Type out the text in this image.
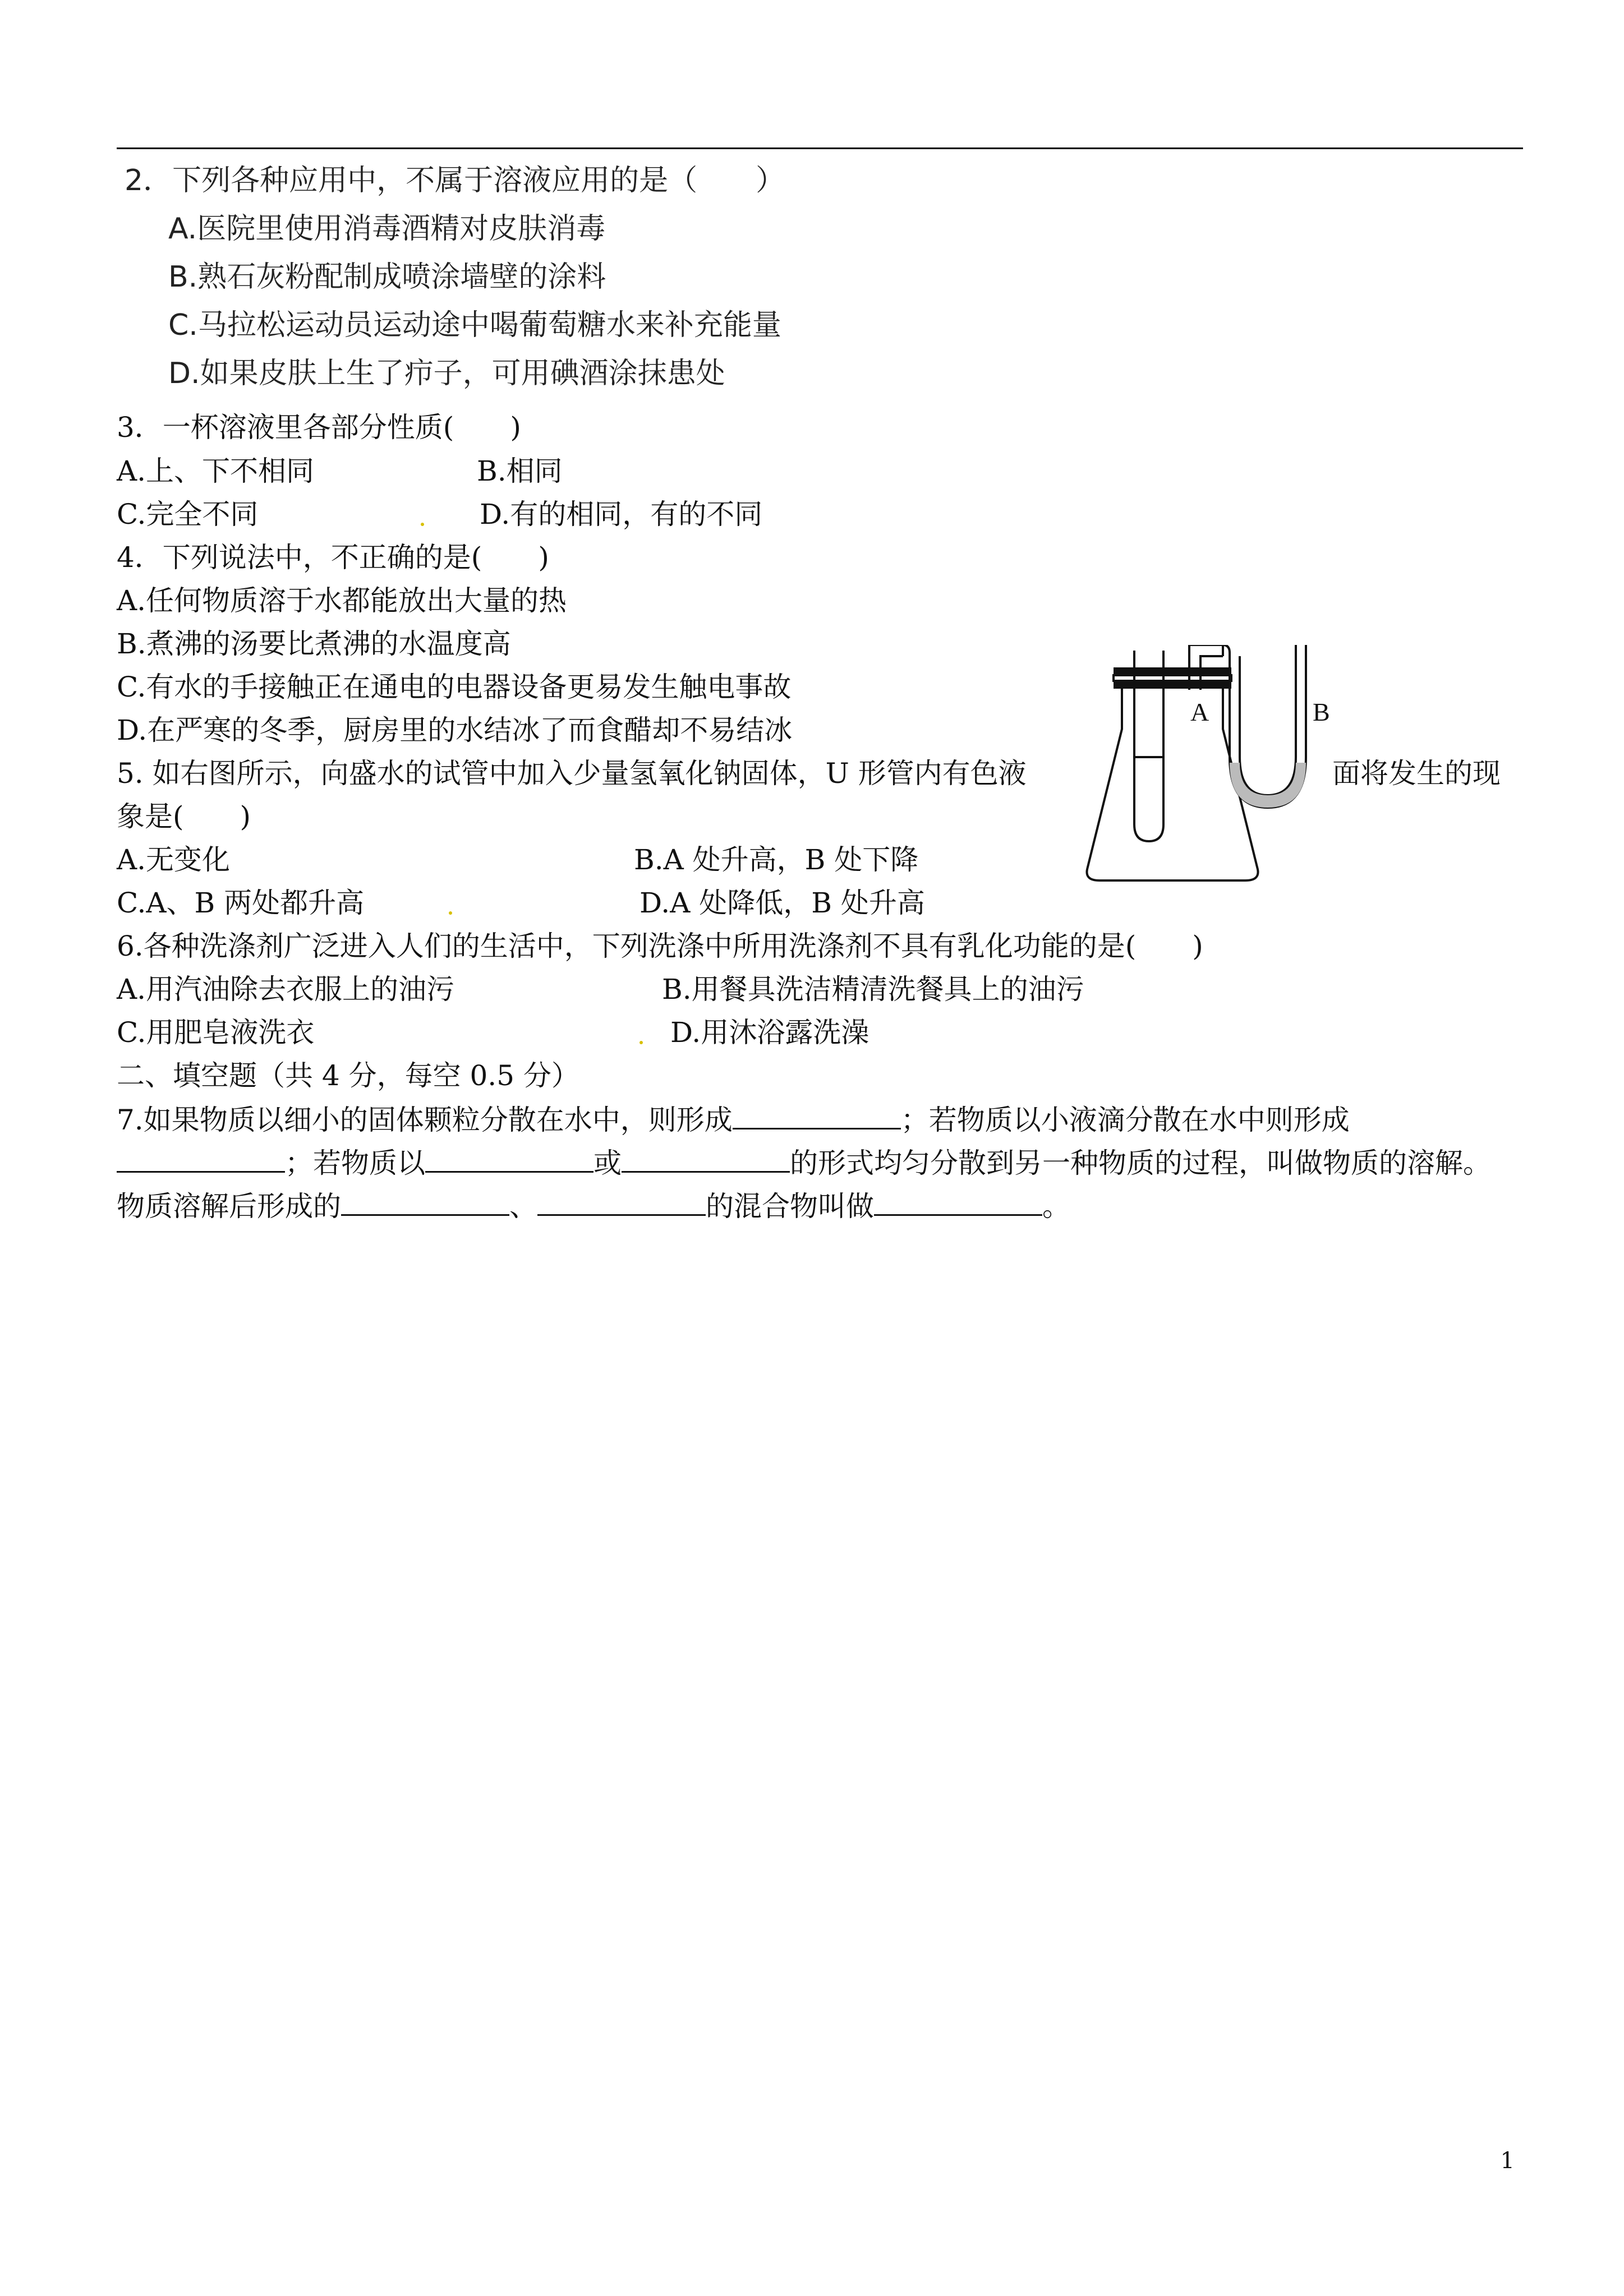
2．下列各种应用中，不属于溶液应用的是（　　）
A.医院里使用消毒酒精对皮肤消毒
B.熟石灰粉配制成喷涂墙壁的涂料
C.马拉松运动员运动途中喝葡萄糖水来补充能量
D.如果皮肤上生了疖子，可用碘酒涂抹患处
3．一杯溶液里各部分性质(　　)
A.上、下不相同	B.相同
C.完全不同	D.有的相同，有的不同
4．下列说法中，不正确的是(　　)
A.任何物质溶于水都能放出大量的热
B.煮沸的汤要比煮沸的水温度高
C.有水的手接触正在通电的电器设备更易发生触电事故
D.在严寒的冬季，厨房里的水结冰了而食醋却不易结冰
5. 如右图所示，向盛水的试管中加入少量氢氧化钠固体，U 形管内有色液	面将发生的现
象是(　　)
A.无变化	B.A 处升高，B 处下降
C.A、B 两处都升高	D.A 处降低，B 处升高
A	B
6.各种洗涤剂广泛进入人们的生活中，下列洗涤中所用洗涤剂不具有乳化功能的是(　　)
A.用汽油除去衣服上的油污	B.用餐具洗洁精清洗餐具上的油污
C.用肥皂液洗衣	D.用沐浴露洗澡
二、填空题（共 4 分，每空 0.5 分）
7.如果物质以细小的固体颗粒分散在水中，则形成	；若物质以小液滴分散在水中则形成
；若物质以	或	的形式均匀分散到另一种物质的过程，叫做物质的溶解。
物质溶解后形成的	、	的混合物叫做	。
1
